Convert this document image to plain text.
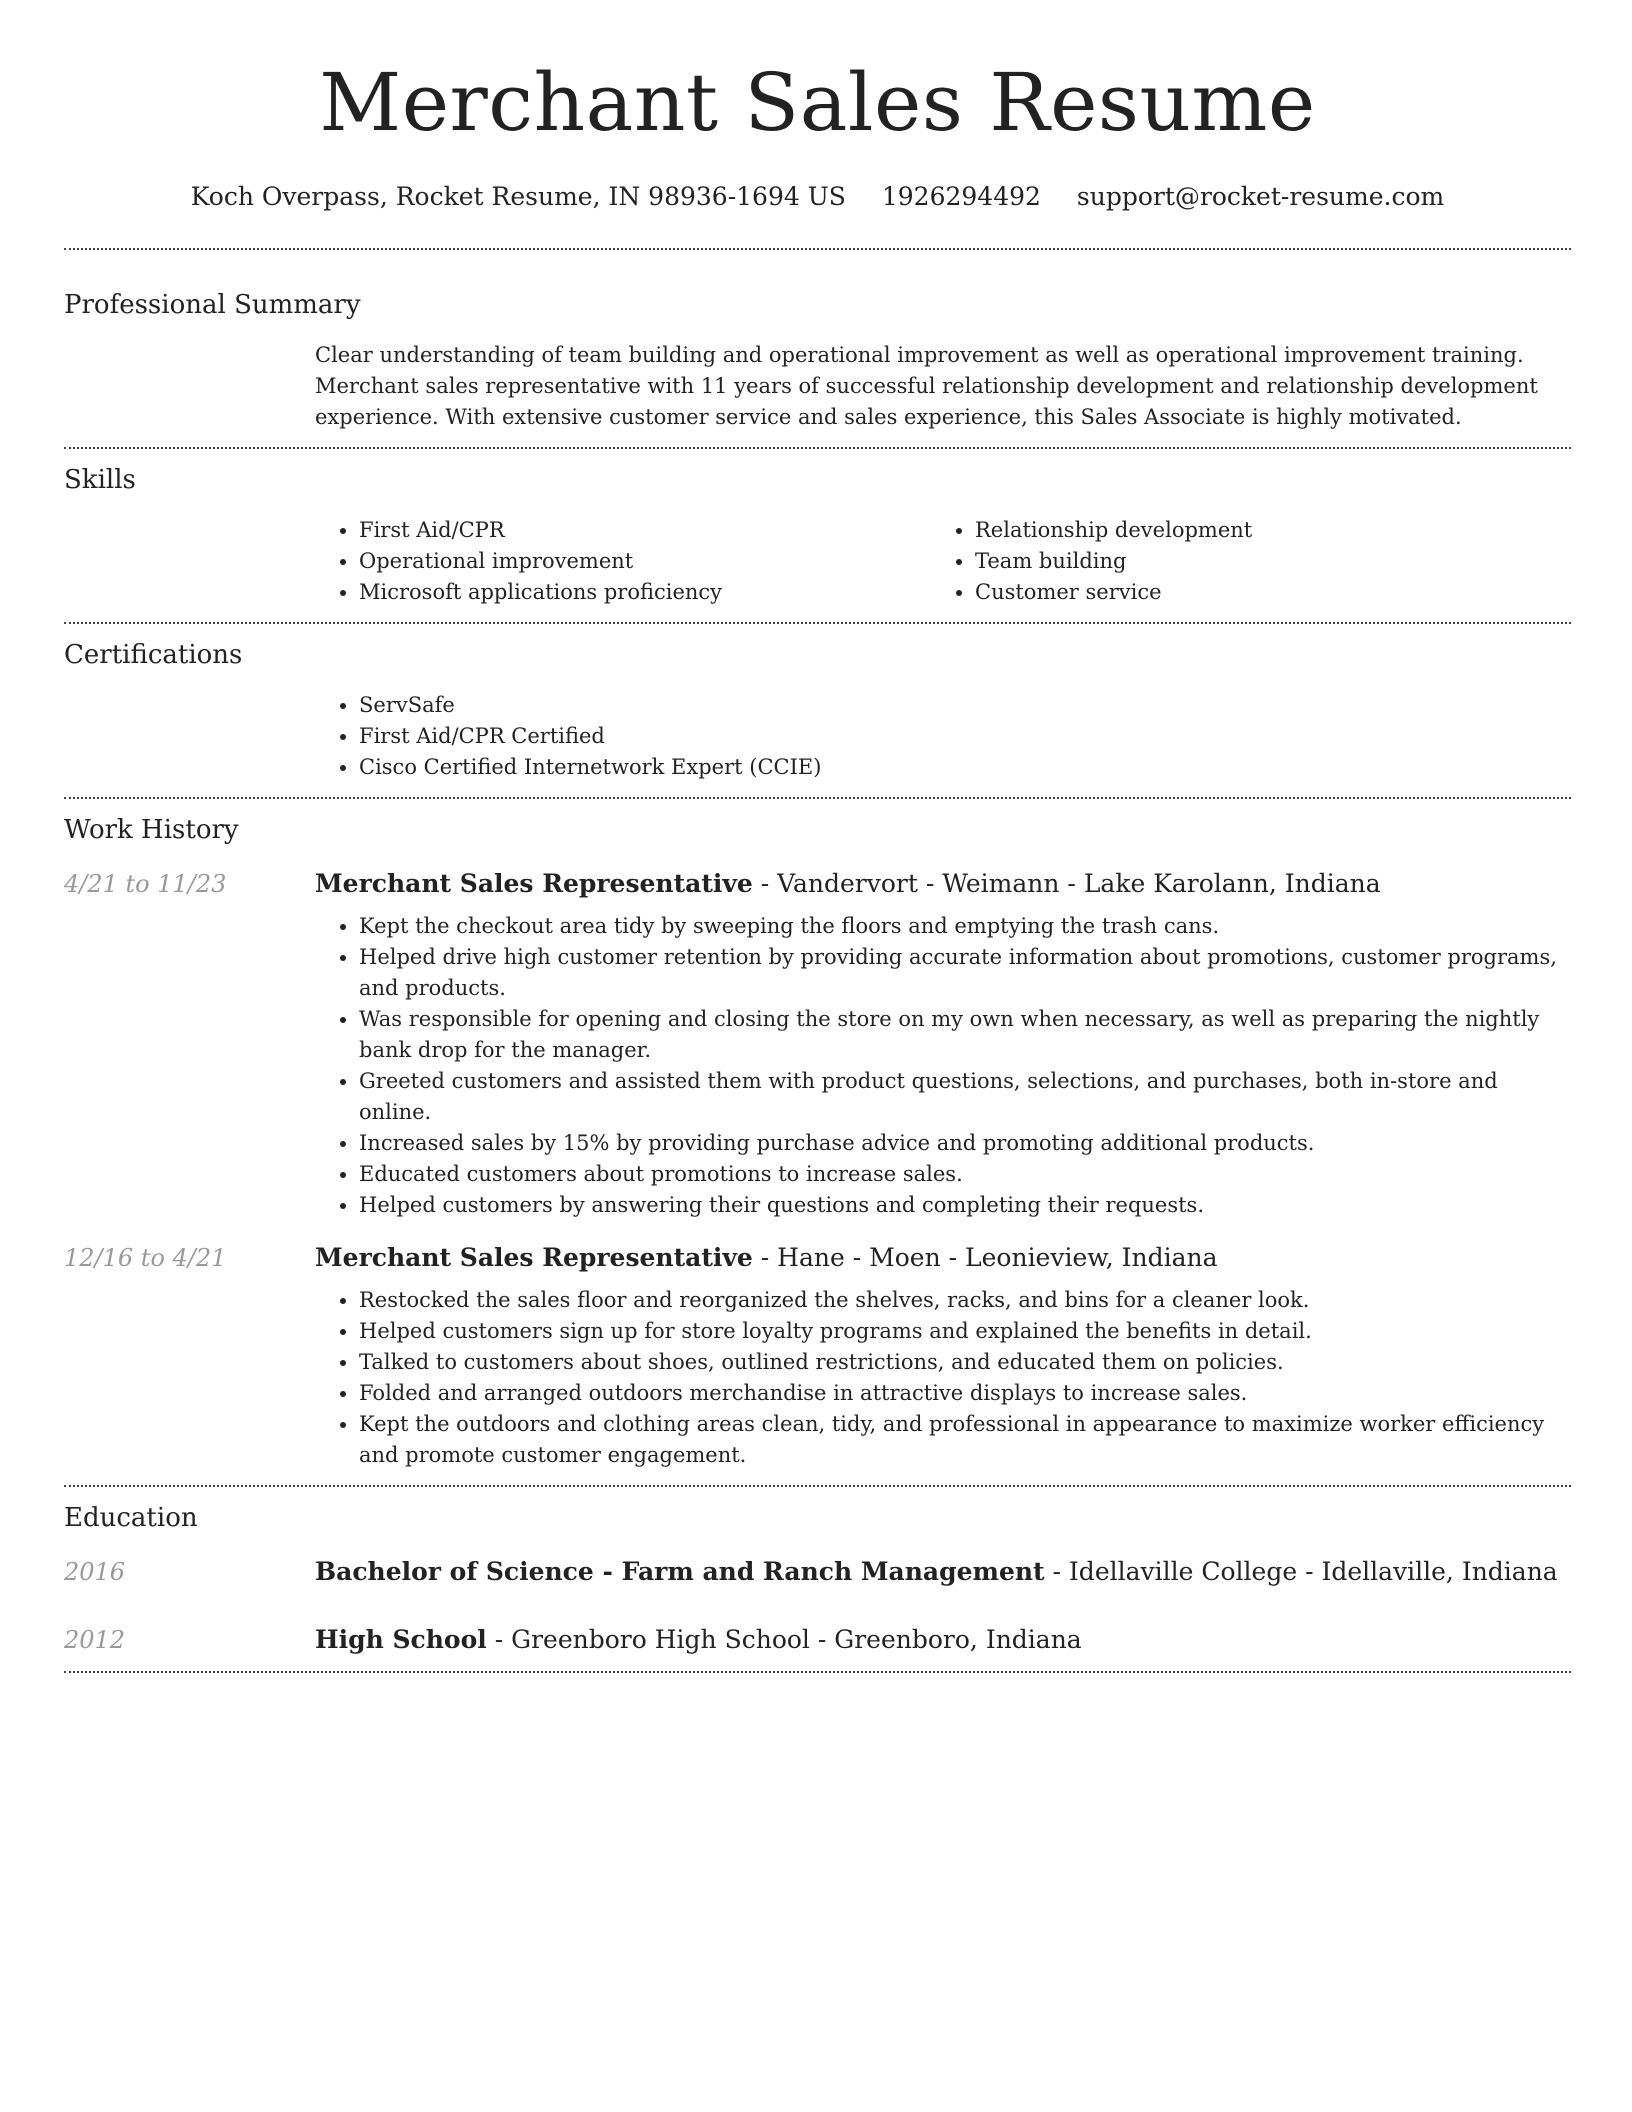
Merchant Sales Resume
Koch Overpass, Rocket Resume, IN 98936-1694 US 1926294492 support@rocket-resume.com
Professional Summary
Clear understanding of team building and operational improvement as well as operational improvement training. Merchant sales representative with 11 years of successful relationship development and relationship development experience. With extensive customer service and sales experience, this Sales Associate is highly motivated.
Skills
• First Aid/CPR
• Operational improvement
• Microsoft applications proficiency
• Relationship development
• Team building
• Customer service
Certifications
• ServSafe
• First Aid/CPR Certified
• Cisco Certified Internetwork Expert (CCIE)
Work History
4/21 to 11/23	Merchant Sales Representative - Vandervort - Weimann - Lake Karolann, Indiana
• Kept the checkout area tidy by sweeping the floors and emptying the trash cans.
• Helped drive high customer retention by providing accurate information about promotions, customer programs, and products.
• Was responsible for opening and closing the store on my own when necessary, as well as preparing the nightly bank drop for the manager.
• Greeted customers and assisted them with product questions, selections, and purchases, both in-store and online.
• Increased sales by 15% by providing purchase advice and promoting additional products.
• Educated customers about promotions to increase sales.
• Helped customers by answering their questions and completing their requests.
12/16 to 4/21	Merchant Sales Representative - Hane - Moen - Leonieview, Indiana
• Restocked the sales floor and reorganized the shelves, racks, and bins for a cleaner look.
• Helped customers sign up for store loyalty programs and explained the benefits in detail.
• Talked to customers about shoes, outlined restrictions, and educated them on policies.
• Folded and arranged outdoors merchandise in attractive displays to increase sales.
• Kept the outdoors and clothing areas clean, tidy, and professional in appearance to maximize worker efficiency and promote customer engagement.
Education
2016	Bachelor of Science - Farm and Ranch Management - Idellaville College - Idellaville, Indiana
2012	High School - Greenboro High School - Greenboro, Indiana
